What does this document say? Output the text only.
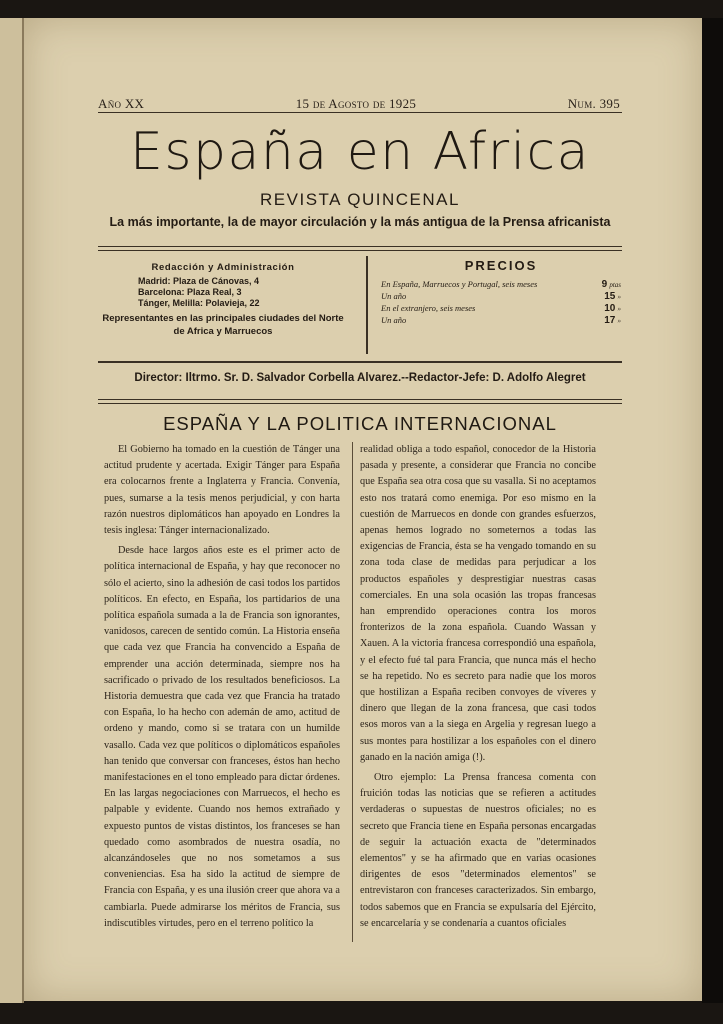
Año XX	15 de Agosto de 1925	Num. 395
España en Africa
REVISTA QUINCENAL
La más importante, la de mayor circulación y la más antigua de la Prensa africanista
Redacción y Administración
Madrid: Plaza de Cánovas, 4
Barcelona: Plaza Real, 3
Tánger, Melilla: Polavieja, 22
Representantes en las principales ciudades del Norte de Africa y Marruecos
PRECIOS
En España, Marruecos y Portugal, seis meses	9 ptas
Un año	15 »
En el extranjero, seis meses	10 »
Un año	17 »
Director: Iltrmo. Sr. D. Salvador Corbella Alvarez.--Redactor-Jefe: D. Adolfo Alegret
ESPAÑA Y LA POLITICA INTERNACIONAL

El Gobierno ha tomado en la cuestión de Tánger una actitud prudente y acertada. Exigir Tánger para España era colocarnos frente a Inglaterra y Francia. Convenía, pues, sumarse a la tesis menos perjudicial, y con harta razón nuestros diplomáticos han apoyado en Londres la tesis inglesa: Tánger internacionalizado.

Desde hace largos años este es el primer acto de política internacional de España, y hay que reconocer no sólo el acierto, sino la adhesión de casi todos los partidos políticos. En efecto, en España, los partidarios de una política española sumada a la de Francia son ignorantes, vanidosos, carecen de sentido común. La Historia enseña que cada vez que Francia ha convencido a España de emprender una acción determinada, siempre nos ha sacrificado o privado de los resultados beneficiosos. La Historia demuestra que cada vez que Francia ha tratado con España, lo ha hecho con ademán de amo, actitud de ordeno y mando, como si se tratara con un humilde vasallo. Cada vez que políticos o diplomáticos españoles han tenido que conversar con franceses, éstos han hecho manifestaciones en el tono empleado para dictar órdenes. En las largas negociaciones con Marruecos, el hecho es palpable y evidente. Cuando nos hemos extrañado y expuesto puntos de vistas distintos, los franceses se han quedado como asombrados de nuestra osadía, no alcanzándoseles que no nos sometamos a sus conveniencias. Esa ha sido la actitud de siempre de Francia con España, y es una ilusión creer que ahora va a cambiarla. Puede admirarse los méritos de Francia, sus indiscutibles virtudes, pero en el terreno político la

realidad obliga a todo español, conocedor de la Historia pasada y presente, a considerar que Francia no concibe que España sea otra cosa que su vasalla. Si no aceptamos esto nos tratará como enemiga. Por eso mismo en la cuestión de Marruecos en donde con grandes esfuerzos, apenas hemos logrado no someternos a todas las exigencias de Francia, ésta se ha vengado tomando en su zona toda clase de medidas para perjudicar a los productos españoles y desprestigiar nuestras casas comerciales. En una sola ocasión las tropas francesas han emprendido operaciones contra los moros fronterizos de la zona española. Cuando Wassan y Xauen. A la victoria francesa correspondió una española, y el efecto fué tal para Francia, que nunca más el hecho se ha repetido. No es secreto para nadie que los moros que hostilizan a España reciben convoyes de víveres y dinero que llegan de la zona francesa, que casi todos esos moros van a la siega en Argelia y regresan luego a sus montes para hostilizar a los españoles con el dinero ganado en la nación amiga (!).

Otro ejemplo: La Prensa francesa comenta con fruición todas las noticias que se refieren a actitudes verdaderas o supuestas de nuestros oficiales; no es secreto que Francia tiene en España personas encargadas de seguir la actuación exacta de "determinados elementos" y se ha afirmado que en varias ocasiones dirigentes de esos "determinados elementos" se entrevistaron con franceses caracterizados. Sin embargo, todos sabemos que en Francia se expulsaría del Ejército, se encarcelaría y se condenaría a cuantos oficiales
